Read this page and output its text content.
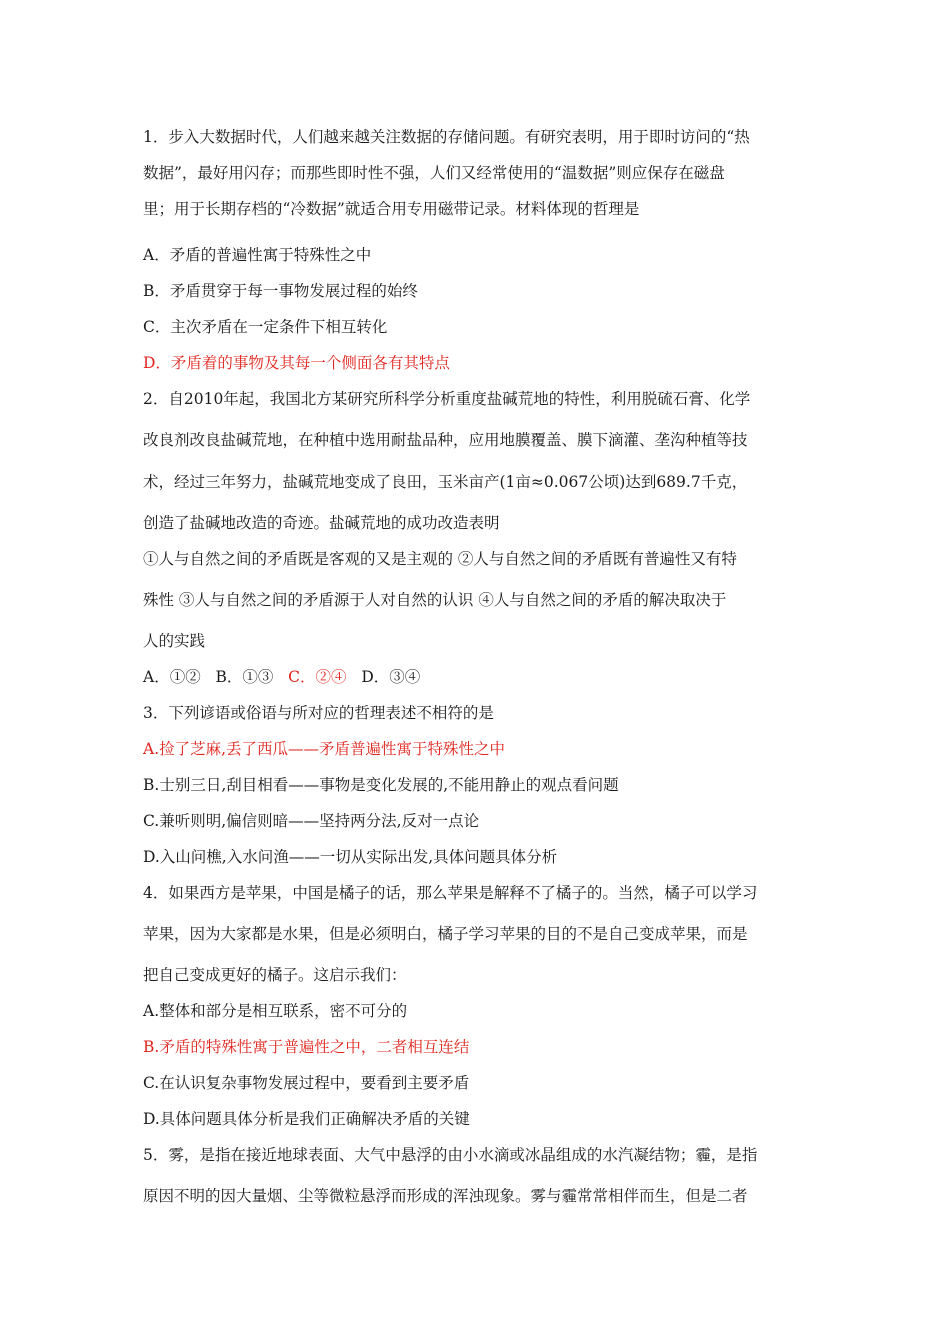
1．步入大数据时代，人们越来越关注数据的存储问题。有研究表明，用于即时访问的“热
数据”，最好用闪存；而那些即时性不强，人们又经常使用的“温数据”则应保存在磁盘
里；用于长期存档的“冷数据”就适合用专用磁带记录。材料体现的哲理是
A．矛盾的普遍性寓于特殊性之中
B．矛盾贯穿于每一事物发展过程的始终
C．主次矛盾在一定条件下相互转化
D．矛盾着的事物及其每一个侧面各有其特点
2．自2010年起，我国北方某研究所科学分析重度盐碱荒地的特性，利用脱硫石膏、化学
改良剂改良盐碱荒地，在种植中选用耐盐品种，应用地膜覆盖、膜下滴灌、垄沟种植等技
术，经过三年努力，盐碱荒地变成了良田，玉米亩产(1亩≈0.067公顷)达到689.7千克，
创造了盐碱地改造的奇迹。盐碱荒地的成功改造表明
①人与自然之间的矛盾既是客观的又是主观的 ②人与自然之间的矛盾既有普遍性又有特
殊性 ③人与自然之间的矛盾源于人对自然的认识 ④人与自然之间的矛盾的解决取决于
人的实践
A．①② B．①③ C．②④ D．③④
3．下列谚语或俗语与所对应的哲理表述不相符的是
A.捡了芝麻,丢了西瓜——矛盾普遍性寓于特殊性之中
B.士别三日,刮目相看——事物是变化发展的,不能用静止的观点看问题
C.兼听则明,偏信则暗——坚持两分法,反对一点论
D.入山问樵,入水问渔——一切从实际出发,具体问题具体分析
4．如果西方是苹果，中国是橘子的话，那么苹果是解释不了橘子的。当然，橘子可以学习
苹果，因为大家都是水果，但是必须明白，橘子学习苹果的目的不是自己变成苹果，而是
把自己变成更好的橘子。这启示我们：
A.整体和部分是相互联系，密不可分的
B.矛盾的特殊性寓于普遍性之中，二者相互连结
C.在认识复杂事物发展过程中，要看到主要矛盾
D.具体问题具体分析是我们正确解决矛盾的关键
5．雾，是指在接近地球表面、大气中悬浮的由小水滴或冰晶组成的水汽凝结物；霾，是指
原因不明的因大量烟、尘等微粒悬浮而形成的浑浊现象。雾与霾常常相伴而生，但是二者
